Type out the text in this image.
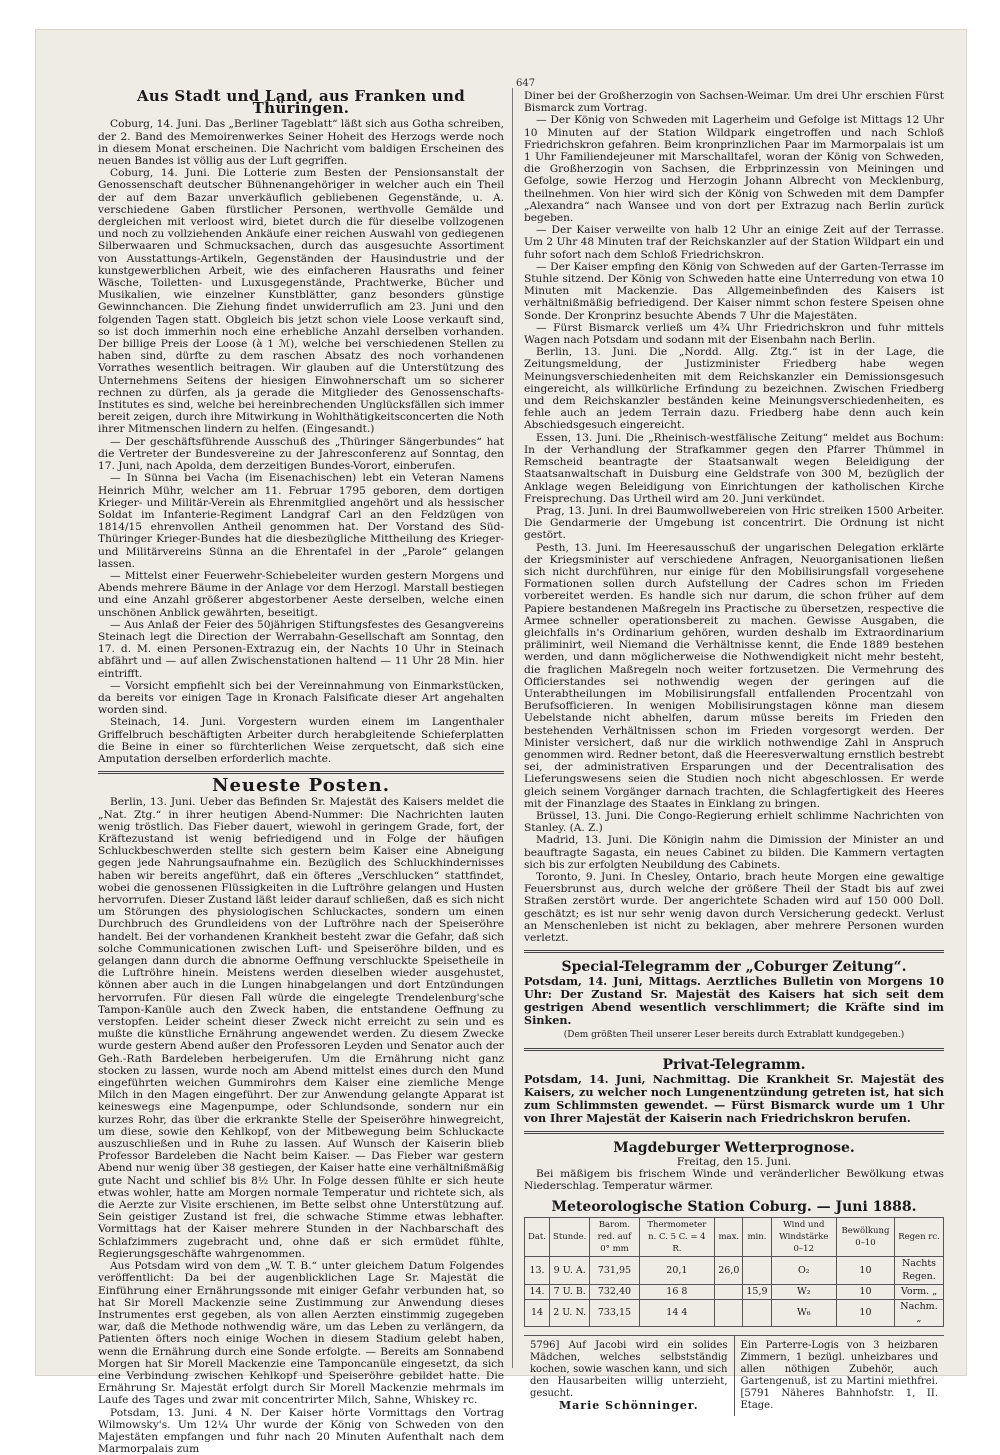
647
Aus Stadt und Land, aus Franken und Thüringen.

Coburg, 14. Juni. Das „Berliner Tageblatt“ läßt sich aus Gotha schreiben, der 2. Band des Memoirenwerkes Seiner Hoheit des Herzogs werde noch in diesem Monat erscheinen. Die Nachricht vom baldigen Erscheinen des neuen Bandes ist völlig aus der Luft gegriffen.

Coburg, 14. Juni. Die Lotterie zum Besten der Pensionsanstalt der Genossenschaft deutscher Bühnenangehöriger in welcher auch ein Theil der auf dem Bazar unverkäuflich gebliebenen Gegenstände, u. A. verschiedene Gaben fürstlicher Personen, werthvolle Gemälde und dergleichen mit verloost wird, bietet durch die für dieselbe vollzogenen und noch zu vollziehenden Ankäufe einer reichen Auswahl von gediegenen Silberwaaren und Schmucksachen, durch das ausgesuchte Assortiment von Ausstattungs-Artikeln, Gegenständen der Hausindustrie und der kunstgewerblichen Arbeit, wie des einfacheren Hausraths und feiner Wäsche, Toiletten- und Luxusgegenstände, Prachtwerke, Bücher und Musikalien, wie einzelner Kunstblätter, ganz besonders günstige Gewinnchancen. Die Ziehung findet unwiderruflich am 23. Juni und den folgenden Tagen statt. Obgleich bis jetzt schon viele Loose verkauft sind, so ist doch immerhin noch eine erhebliche Anzahl derselben vorhanden. Der billige Preis der Loose (à 1 ℳ), welche bei verschiedenen Stellen zu haben sind, dürfte zu dem raschen Absatz des noch vorhandenen Vorrathes wesentlich beitragen. Wir glauben auf die Unterstützung des Unternehmens Seitens der hiesigen Einwohnerschaft um so sicherer rechnen zu dürfen, als ja gerade die Mitglieder des Genossenschafts-Institutes es sind, welche bei hereinbrechenden Unglücksfällen sich immer bereit zeigen, durch ihre Mitwirkung in Wohlthätigkeitsconcerten die Noth ihrer Mitmenschen lindern zu helfen. (Eingesandt.)

— Der geschäftsführende Ausschuß des „Thüringer Sängerbundes“ hat die Vertreter der Bundesvereine zu der Jahresconferenz auf Sonntag, den 17. Juni, nach Apolda, dem derzeitigen Bundes-Vorort, einberufen.

— In Sünna bei Vacha (im Eisenachischen) lebt ein Veteran Namens Heinrich Mühr, welcher am 11. Februar 1795 geboren, dem dortigen Krieger- und Militär-Verein als Ehrenmitglied angehört und als hessischer Soldat im Infanterie-Regiment Landgraf Carl an den Feldzügen von 1814/15 ehrenvollen Antheil genommen hat. Der Vorstand des Süd-Thüringer Krieger-Bundes hat die diesbezügliche Mittheilung des Krieger- und Militärvereins Sünna an die Ehrentafel in der „Parole“ gelangen lassen.

— Mittelst einer Feuerwehr-Schiebeleiter wurden gestern Morgens und Abends mehrere Bäume in der Anlage vor dem Herzogl. Marstall bestiegen und eine Anzahl größerer abgestorbener Aeste derselben, welche einen unschönen Anblick gewährten, beseitigt.

— Aus Anlaß der Feier des 50jährigen Stiftungsfestes des Gesangvereins Steinach legt die Direction der Werrabahn-Gesellschaft am Sonntag, den 17. d. M. einen Personen-Extrazug ein, der Nachts 10 Uhr in Steinach abfährt und — auf allen Zwischenstationen haltend — 11 Uhr 28 Min. hier eintrifft.

— Vorsicht empfiehlt sich bei der Vereinnahmung von Einmarkstücken, da bereits vor einigen Tage in Kronach Falsificate dieser Art angehalten worden sind.

Steinach, 14. Juni. Vorgestern wurden einem im Langenthaler Griffelbruch beschäftigten Arbeiter durch herabgleitende Schieferplatten die Beine in einer so fürchterlichen Weise zerquetscht, daß sich eine Amputation derselben erforderlich machte.

Neueste Posten.

Berlin, 13. Juni. Ueber das Befinden Sr. Majestät des Kaisers meldet die „Nat. Ztg.“ in ihrer heutigen Abend-Nummer: Die Nachrichten lauten wenig tröstlich. Das Fieber dauert, wiewohl in geringem Grade, fort, der Kräftezustand ist wenig befriedigend und in Folge der häufigen Schluckbeschwerden stellte sich gestern beim Kaiser eine Abneigung gegen jede Nahrungsaufnahme ein. Bezüglich des Schluckhindernisses haben wir bereits angeführt, daß ein öfteres „Verschlucken“ stattfindet, wobei die genossenen Flüssigkeiten in die Luftröhre gelangen und Husten hervorrufen. Dieser Zustand läßt leider darauf schließen, daß es sich nicht um Störungen des physiologischen Schluckactes, sondern um einen Durchbruch des Grundleidens von der Luftröhre nach der Speiseröhre handelt. Bei der vorhandenen Krankheit besteht zwar die Gefahr, daß sich solche Communicationen zwischen Luft- und Speiseröhre bilden, und es gelangen dann durch die abnorme Oeffnung verschluckte Speisetheile in die Luftröhre hinein. Meistens werden dieselben wieder ausgehustet, können aber auch in die Lungen hinabgelangen und dort Entzündungen hervorrufen. Für diesen Fall würde die eingelegte Trendelenburg'sche Tampon-Kanüle auch den Zweck haben, die entstandene Oeffnung zu verstopfen. Leider scheint dieser Zweck nicht erreicht zu sein und es mußte die künstliche Ernährung angewendet werden. Zu diesem Zwecke wurde gestern Abend außer den Professoren Leyden und Senator auch der Geh.-Rath Bardeleben herbeigerufen. Um die Ernährung nicht ganz stocken zu lassen, wurde noch am Abend mittelst eines durch den Mund eingeführten weichen Gummirohrs dem Kaiser eine ziemliche Menge Milch in den Magen eingeführt. Der zur Anwendung gelangte Apparat ist keineswegs eine Magenpumpe, oder Schlundsonde, sondern nur ein kurzes Rohr, das über die erkrankte Stelle der Speiseröhre hinwegreicht, um diese, sowie den Kehlkopf, von der Mitbewegung beim Schluckacte auszuschließen und in Ruhe zu lassen. Auf Wunsch der Kaiserin blieb Professor Bardeleben die Nacht beim Kaiser. — Das Fieber war gestern Abend nur wenig über 38 gestiegen, der Kaiser hatte eine verhältnißmäßig gute Nacht und schlief bis 8½ Uhr. In Folge dessen fühlte er sich heute etwas wohler, hatte am Morgen normale Temperatur und richtete sich, als die Aerzte zur Visite erschienen, im Bette selbst ohne Unterstützung auf. Sein geistiger Zustand ist frei, die schwache Stimme etwas lebhafter. Vormittags hat der Kaiser mehrere Stunden in der Nachbarschaft des Schlafzimmers zugebracht und, ohne daß er sich ermüdet fühlte, Regierungsgeschäfte wahrgenommen.

Aus Potsdam wird von dem „W. T. B.“ unter gleichem Datum Folgendes veröffentlicht: Da bei der augenblicklichen Lage Sr. Majestät die Einführung einer Ernährungssonde mit einiger Gefahr verbunden hat, so hat Sir Morell Mackenzie seine Zustimmung zur Anwendung dieses Instrumentes erst gegeben, als von allen Aerzten einstimmig zugegeben war, daß die Methode nothwendig wäre, um das Leben zu verlängern, da Patienten öfters noch einige Wochen in diesem Stadium gelebt haben, wenn die Ernährung durch eine Sonde erfolgte. — Bereits am Sonnabend Morgen hat Sir Morell Mackenzie eine Tamponcanüle eingesetzt, da sich eine Verbindung zwischen Kehlkopf und Speiseröhre gebildet hatte. Die Ernährung Sr. Majestät erfolgt durch Sir Morell Mackenzie mehrmals im Laufe des Tages und zwar mit concentrirter Milch, Sahne, Whiskey rc.

Potsdam, 13. Juni. 4 N. Der Kaiser hörte Vormittags den Vortrag Wilmowsky's. Um 12¼ Uhr wurde der König von Schweden von den Majestäten empfangen und fuhr nach 20 Minuten Aufenthalt nach dem Marmorpalais zum

Diner bei der Großherzogin von Sachsen-Weimar. Um drei Uhr erschien Fürst Bismarck zum Vortrag.

— Der König von Schweden mit Lagerheim und Gefolge ist Mittags 12 Uhr 10 Minuten auf der Station Wildpark eingetroffen und nach Schloß Friedrichskron gefahren. Beim kronprinzlichen Paar im Marmorpalais ist um 1 Uhr Familiendejeuner mit Marschalltafel, woran der König von Schweden, die Großherzogin von Sachsen, die Erbprinzessin von Meiningen und Gefolge, sowie Herzog und Herzogin Johann Albrecht von Mecklenburg, theilnehmen. Von hier wird sich der König von Schweden mit dem Dampfer „Alexandra“ nach Wansee und von dort per Extrazug nach Berlin zurück begeben.

— Der Kaiser verweilte von halb 12 Uhr an einige Zeit auf der Terrasse. Um 2 Uhr 48 Minuten traf der Reichskanzler auf der Station Wildpart ein und fuhr sofort nach dem Schloß Friedrichskron.

— Der Kaiser empfing den König von Schweden auf der Garten-Terrasse im Stuhle sitzend. Der König von Schweden hatte eine Unterredung von etwa 10 Minuten mit Mackenzie. Das Allgemeinbefinden des Kaisers ist verhältnißmäßig befriedigend. Der Kaiser nimmt schon festere Speisen ohne Sonde. Der Kronprinz besuchte Abends 7 Uhr die Majestäten.

— Fürst Bismarck verließ um 4¾ Uhr Friedrichskron und fuhr mittels Wagen nach Potsdam und sodann mit der Eisenbahn nach Berlin.

Berlin, 13. Juni. Die „Nordd. Allg. Ztg.“ ist in der Lage, die Zeitungsmeldung, der Justizminister Friedberg habe wegen Meinungsverschiedenheiten mit dem Reichskanzler ein Demissionsgesuch eingereicht, als willkürliche Erfindung zu bezeichnen. Zwischen Friedberg und dem Reichskanzler beständen keine Meinungsverschiedenheiten, es fehle auch an jedem Terrain dazu. Friedberg habe denn auch kein Abschiedsgesuch eingereicht.

Essen, 13. Juni. Die „Rheinisch-westfälische Zeitung“ meldet aus Bochum: In der Verhandlung der Strafkammer gegen den Pfarrer Thümmel in Remscheid beantragte der Staatsanwalt wegen Beleidigung der Staatsanwaltschaft in Duisburg eine Geldstrafe von 300 M, bezüglich der Anklage wegen Beleidigung von Einrichtungen der katholischen Kirche Freisprechung. Das Urtheil wird am 20. Juni verkündet.

Prag, 13. Juni. In drei Baumwollwebereien von Hric streiken 1500 Arbeiter. Die Gendarmerie der Umgebung ist concentrirt. Die Ordnung ist nicht gestört.

Pesth, 13. Juni. Im Heeresausschuß der ungarischen Delegation erklärte der Kriegsminister auf verschiedene Anfragen, Neuorganisationen ließen sich nicht durchführen, nur einige für den Mobilisirungsfall vorgesehene Formationen sollen durch Aufstellung der Cadres schon im Frieden vorbereitet werden. Es handle sich nur darum, die schon früher auf dem Papiere bestandenen Maßregeln ins Practische zu übersetzen, respective die Armee schneller operationsbereit zu machen. Gewisse Ausgaben, die gleichfalls in's Ordinarium gehören, wurden deshalb im Extraordinarium präliminirt, weil Niemand die Verhältnisse kennt, die Ende 1889 bestehen werden, und dann möglicherweise die Nothwendigkeit nicht mehr besteht, die fraglichen Maßregeln noch weiter fortzusetzen. Die Vermehrung des Officierstandes sei nothwendig wegen der geringen auf die Unterabtheilungen im Mobilisirungsfall entfallenden Procentzahl von Berufsofficieren. In wenigen Mobilisirungstagen könne man diesem Uebelstande nicht abhelfen, darum müsse bereits im Frieden den bestehenden Verhältnissen schon im Frieden vorgesorgt werden. Der Minister versichert, daß nur die wirklich nothwendige Zahl in Anspruch genommen wird. Redner betont, daß die Heeresverwaltung ernstlich bestrebt sei, der administrativen Ersparungen und der Decentralisation des Lieferungswesens seien die Studien noch nicht abgeschlossen. Er werde gleich seinem Vorgänger darnach trachten, die Schlagfertigkeit des Heeres mit der Finanzlage des Staates in Einklang zu bringen.

Brüssel, 13. Juni. Die Congo-Regierung erhielt schlimme Nachrichten von Stanley. (A. Z.)

Madrid, 13. Juni. Die Königin nahm die Dimission der Minister an und beauftragte Sagasta, ein neues Cabinet zu bilden. Die Kammern vertagten sich bis zur erfolgten Neubildung des Cabinets.

Toronto, 9. Juni. In Chesley, Ontario, brach heute Morgen eine gewaltige Feuersbrunst aus, durch welche der größere Theil der Stadt bis auf zwei Straßen zerstört wurde. Der angerichtete Schaden wird auf 150 000 Doll. geschätzt; es ist nur sehr wenig davon durch Versicherung gedeckt. Verlust an Menschenleben ist nicht zu beklagen, aber mehrere Personen wurden verletzt.

Special-Telegramm der „Coburger Zeitung“.
Potsdam, 14. Juni, Mittags. Aerztliches Bulletin von Morgens 10 Uhr: Der Zustand Sr. Majestät des Kaisers hat sich seit dem gestrigen Abend wesentlich verschlimmert; die Kräfte sind im Sinken.
(Dem größten Theil unserer Leser bereits durch Extrablatt kundgegeben.)
Privat-Telegramm.
Potsdam, 14. Juni, Nachmittag. Die Krankheit Sr. Majestät des Kaisers, zu welcher noch Lungenentzündung getreten ist, hat sich zum Schlimmsten gewendet. — Fürst Bismarck wurde um 1 Uhr von Ihrer Majestät der Kaiserin nach Friedrichskron berufen.
Magdeburger Wetterprognose.
Freitag, den 15. Juni.

Bei mäßigem bis frischem Winde und veränderlicher Bewölkung etwas Niederschlag. Temperatur wärmer.

Meteorologische Station Coburg. — Juni 1888.
Dat.	Stunde.	Barom. red. auf 0° mm	Thermometer n. C. 5 C. = 4 R.	max.	min.	Wind und Windstärke 0–12	Bewölkung 0–10	Regen rc.
13.	9 U. A.	731,95	20,1	26,0		O₂	10	Nachts Regen.
14.	7 U. B.	732,40	16 8		15,9	W₂	10	Vorm. „
14	2 U. N.	733,15	14 4			W₆	10	Nachm. „
5796] Auf Jacobi wird ein solides Mädchen, welches selbstständig kochen, sowie waschen kann, und sich den Hausarbeiten willig unterzieht, gesucht.
Marie Schönninger.
Ein Parterre-Logis von 3 heizbaren Zimmern, 1 bezügl. unheizbares und allen nöthigen Zubehör, auch Gartengenuß, ist zu Martini miethfrei. [5791 Näheres Bahnhofstr. 1, II. Etage.
